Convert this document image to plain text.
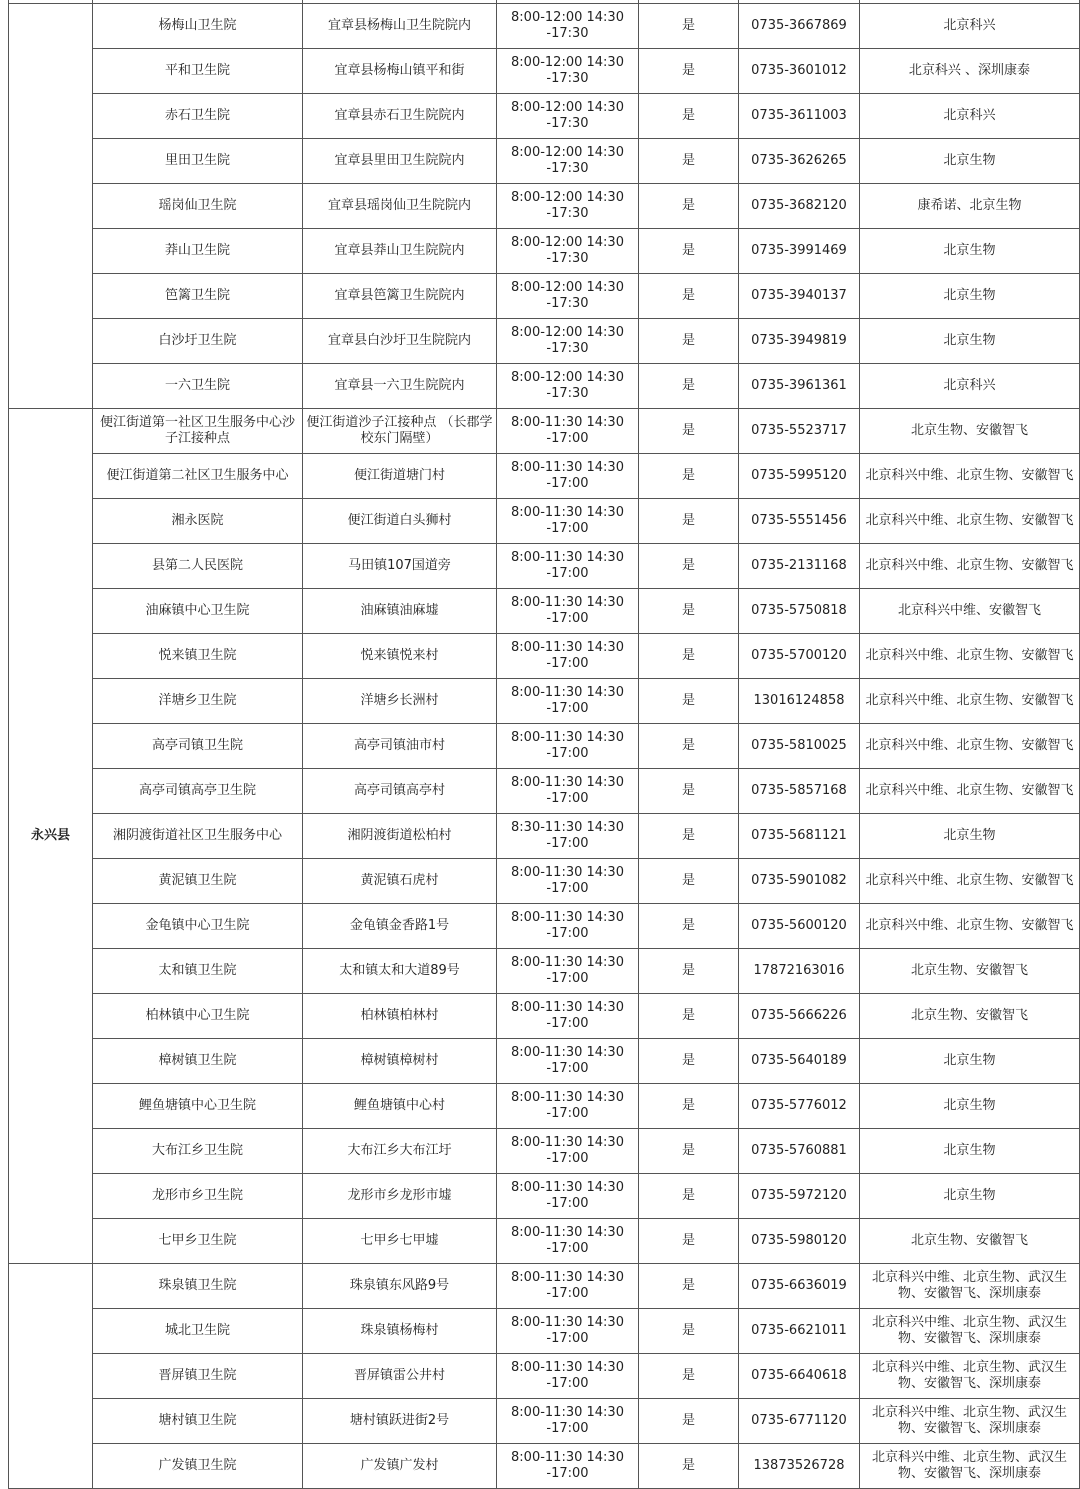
	杨梅山卫生院	宜章县杨梅山卫生院院内	8:00-12:00 14:30
-17:30	是	0735-3667869	北京科兴
	平和卫生院	宜章县杨梅山镇平和街	8:00-12:00 14:30
-17:30	是	0735-3601012	北京科兴 、深圳康泰
	赤石卫生院	宜章县赤石卫生院院内	8:00-12:00 14:30
-17:30	是	0735-3611003	北京科兴
	里田卫生院	宜章县里田卫生院院内	8:00-12:00 14:30
-17:30	是	0735-3626265	北京生物
	瑶岗仙卫生院	宜章县瑶岗仙卫生院院内	8:00-12:00 14:30
-17:30	是	0735-3682120	康希诺、北京生物
	莽山卫生院	宜章县莽山卫生院院内	8:00-12:00 14:30
-17:30	是	0735-3991469	北京生物
	笆篱卫生院	宜章县笆篱卫生院院内	8:00-12:00 14:30
-17:30	是	0735-3940137	北京生物
	白沙圩卫生院	宜章县白沙圩卫生院院内	8:00-12:00 14:30
-17:30	是	0735-3949819	北京生物
	一六卫生院	宜章县一六卫生院院内	8:00-12:00 14:30
-17:30	是	0735-3961361	北京科兴
永兴县	便江街道第一社区卫生服务中心沙子江接种点	便江街道沙子江接种点 （长郡学校东门隔壁）	8:00-11:30 14:30
-17:00	是	0735-5523717	北京生物、安徽智飞
	便江街道第二社区卫生服务中心	便江街道塘门村	8:00-11:30 14:30
-17:00	是	0735-5995120	北京科兴中维、北京生物、安徽智飞
	湘永医院	便江街道白头狮村	8:00-11:30 14:30
-17:00	是	0735-5551456	北京科兴中维、北京生物、安徽智飞
	县第二人民医院	马田镇107国道旁	8:00-11:30 14:30
-17:00	是	0735-2131168	北京科兴中维、北京生物、安徽智飞
	油麻镇中心卫生院	油麻镇油麻墟	8:00-11:30 14:30
-17:00	是	0735-5750818	北京科兴中维、安徽智飞
	悦来镇卫生院	悦来镇悦来村	8:00-11:30 14:30
-17:00	是	0735-5700120	北京科兴中维、北京生物、安徽智飞
	洋塘乡卫生院	洋塘乡长洲村	8:00-11:30 14:30
-17:00	是	13016124858	北京科兴中维、北京生物、安徽智飞
	高亭司镇卫生院	高亭司镇油市村	8:00-11:30 14:30
-17:00	是	0735-5810025	北京科兴中维、北京生物、安徽智飞
	高亭司镇高亭卫生院	高亭司镇高亭村	8:00-11:30 14:30
-17:00	是	0735-5857168	北京科兴中维、北京生物、安徽智飞
	湘阴渡街道社区卫生服务中心	湘阴渡街道松柏村	8:30-11:30 14:30
-17:00	是	0735-5681121	北京生物
	黄泥镇卫生院	黄泥镇石虎村	8:00-11:30 14:30
-17:00	是	0735-5901082	北京科兴中维、北京生物、安徽智飞
	金龟镇中心卫生院	金龟镇金香路1号	8:00-11:30 14:30
-17:00	是	0735-5600120	北京科兴中维、北京生物、安徽智飞
	太和镇卫生院	太和镇太和大道89号	8:00-11:30 14:30
-17:00	是	17872163016	北京生物、安徽智飞
	柏林镇中心卫生院	柏林镇柏林村	8:00-11:30 14:30
-17:00	是	0735-5666226	北京生物、安徽智飞
	樟树镇卫生院	樟树镇樟树村	8:00-11:30 14:30
-17:00	是	0735-5640189	北京生物
	鲤鱼塘镇中心卫生院	鲤鱼塘镇中心村	8:00-11:30 14:30
-17:00	是	0735-5776012	北京生物
	大布江乡卫生院	大布江乡大布江圩	8:00-11:30 14:30
-17:00	是	0735-5760881	北京生物
	龙形市乡卫生院	龙形市乡龙形市墟	8:00-11:30 14:30
-17:00	是	0735-5972120	北京生物
	七甲乡卫生院	七甲乡七甲墟	8:00-11:30 14:30
-17:00	是	0735-5980120	北京生物、安徽智飞
	珠泉镇卫生院	珠泉镇东风路9号	8:00-11:30 14:30
-17:00	是	0735-6636019	北京科兴中维、北京生物、武汉生物、安徽智飞、深圳康泰
	城北卫生院	珠泉镇杨梅村	8:00-11:30 14:30
-17:00	是	0735-6621011	北京科兴中维、北京生物、武汉生物、安徽智飞、深圳康泰
	晋屏镇卫生院	晋屏镇雷公井村	8:00-11:30 14:30
-17:00	是	0735-6640618	北京科兴中维、北京生物、武汉生物、安徽智飞、深圳康泰
	塘村镇卫生院	塘村镇跃进街2号	8:00-11:30 14:30
-17:00	是	0735-6771120	北京科兴中维、北京生物、武汉生物、安徽智飞、深圳康泰
	广发镇卫生院	广发镇广发村	8:00-11:30 14:30
-17:00	是	13873526728	北京科兴中维、北京生物、武汉生物、安徽智飞、深圳康泰
